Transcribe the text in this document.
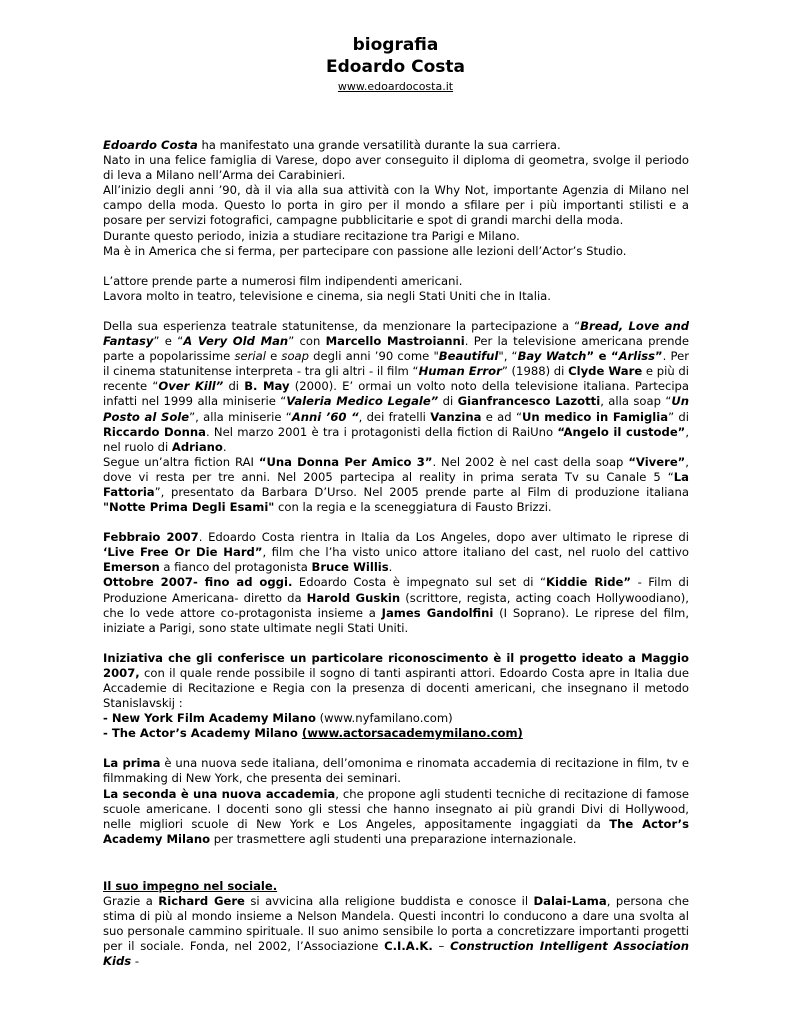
biografia
Edoardo Costa
www.edoardocosta.it

Edoardo Costa ha manifestato una grande versatilità durante la sua carriera.

Nato in una felice famiglia di Varese, dopo aver conseguito il diploma di geometra, svolge il periodo di leva a Milano nell’Arma dei Carabinieri.

All’inizio degli anni ’90, dà il via alla sua attività con la Why Not, importante Agenzia di Milano nel campo della moda. Questo lo porta in giro per il mondo a sfilare per i più importanti stilisti e a posare per servizi fotografici, campagne pubblicitarie e spot di grandi marchi della moda.

Durante questo periodo, inizia a studiare recitazione tra Parigi e Milano.

Ma è in America che si ferma, per partecipare con passione alle lezioni dell’Actor’s Studio.

L’attore prende parte a numerosi film indipendenti americani.

Lavora molto in teatro, televisione e cinema, sia negli Stati Uniti che in Italia.

Della sua esperienza teatrale statunitense, da menzionare la partecipazione a “Bread, Love and Fantasy” e “A Very Old Man” con Marcello Mastroianni. Per la televisione americana prende parte a popolarissime serial e soap degli anni ’90 come "Beautiful", “Bay Watch” e “Arliss”. Per il cinema statunitense interpreta - tra gli altri - il film “Human Error” (1988) di Clyde Ware e più di recente “Over Kill” di B. May (2000). E’ ormai un volto noto della televisione italiana. Partecipa infatti nel 1999 alla miniserie “Valeria Medico Legale” di Gianfrancesco Lazotti, alla soap “Un Posto al Sole”, alla miniserie “Anni ’60 “, dei fratelli Vanzina e ad “Un medico in Famiglia” di Riccardo Donna. Nel marzo 2001 è tra i protagonisti della fiction di RaiUno “Angelo il custode”, nel ruolo di Adriano.

Segue un’altra fiction RAI “Una Donna Per Amico 3”. Nel 2002 è nel cast della soap “Vivere”, dove vi resta per tre anni. Nel 2005 partecipa al reality in prima serata Tv su Canale 5 “La Fattoria”, presentato da Barbara D’Urso. Nel 2005 prende parte al Film di produzione italiana "Notte Prima Degli Esami" con la regia e la sceneggiatura di Fausto Brizzi.

Febbraio 2007. Edoardo Costa rientra in Italia da Los Angeles, dopo aver ultimato le riprese di ‘Live Free Or Die Hard”, film che l’ha visto unico attore italiano del cast, nel ruolo del cattivo Emerson a fianco del protagonista Bruce Willis.

Ottobre 2007- fino ad oggi. Edoardo Costa è impegnato sul set di “Kiddie Ride” - Film di Produzione Americana- diretto da Harold Guskin (scrittore, regista, acting coach Hollywoodiano), che lo vede attore co-protagonista insieme a James Gandolfini (I Soprano). Le riprese del film, iniziate a Parigi, sono state ultimate negli Stati Uniti.

Iniziativa che gli conferisce un particolare riconoscimento è il progetto ideato a Maggio 2007, con il quale rende possibile il sogno di tanti aspiranti attori. Edoardo Costa apre in Italia due Accademie di Recitazione e Regia con la presenza di docenti americani, che insegnano il metodo Stanislavskij :

- New York Film Academy Milano (www.nyfamilano.com)

- The Actor’s Academy Milano (www.actorsacademymilano.com)

La prima è una nuova sede italiana, dell’omonima e rinomata accademia di recitazione in film, tv e filmmaking di New York, che presenta dei seminari.

La seconda è una nuova accademia, che propone agli studenti tecniche di recitazione di famose scuole americane. I docenti sono gli stessi che hanno insegnato ai più grandi Divi di Hollywood, nelle migliori scuole di New York e Los Angeles, appositamente ingaggiati da The Actor’s Academy Milano per trasmettere agli studenti una preparazione internazionale.

Il suo impegno nel sociale.

Grazie a Richard Gere si avvicina alla religione buddista e conosce il Dalai-Lama, persona che stima di più al mondo insieme a Nelson Mandela. Questi incontri lo conducono a dare una svolta al suo personale cammino spirituale. Il suo animo sensibile lo porta a concretizzare importanti progetti per il sociale. Fonda, nel 2002, l’Associazione C.I.A.K. – Construction Intelligent Association Kids -
